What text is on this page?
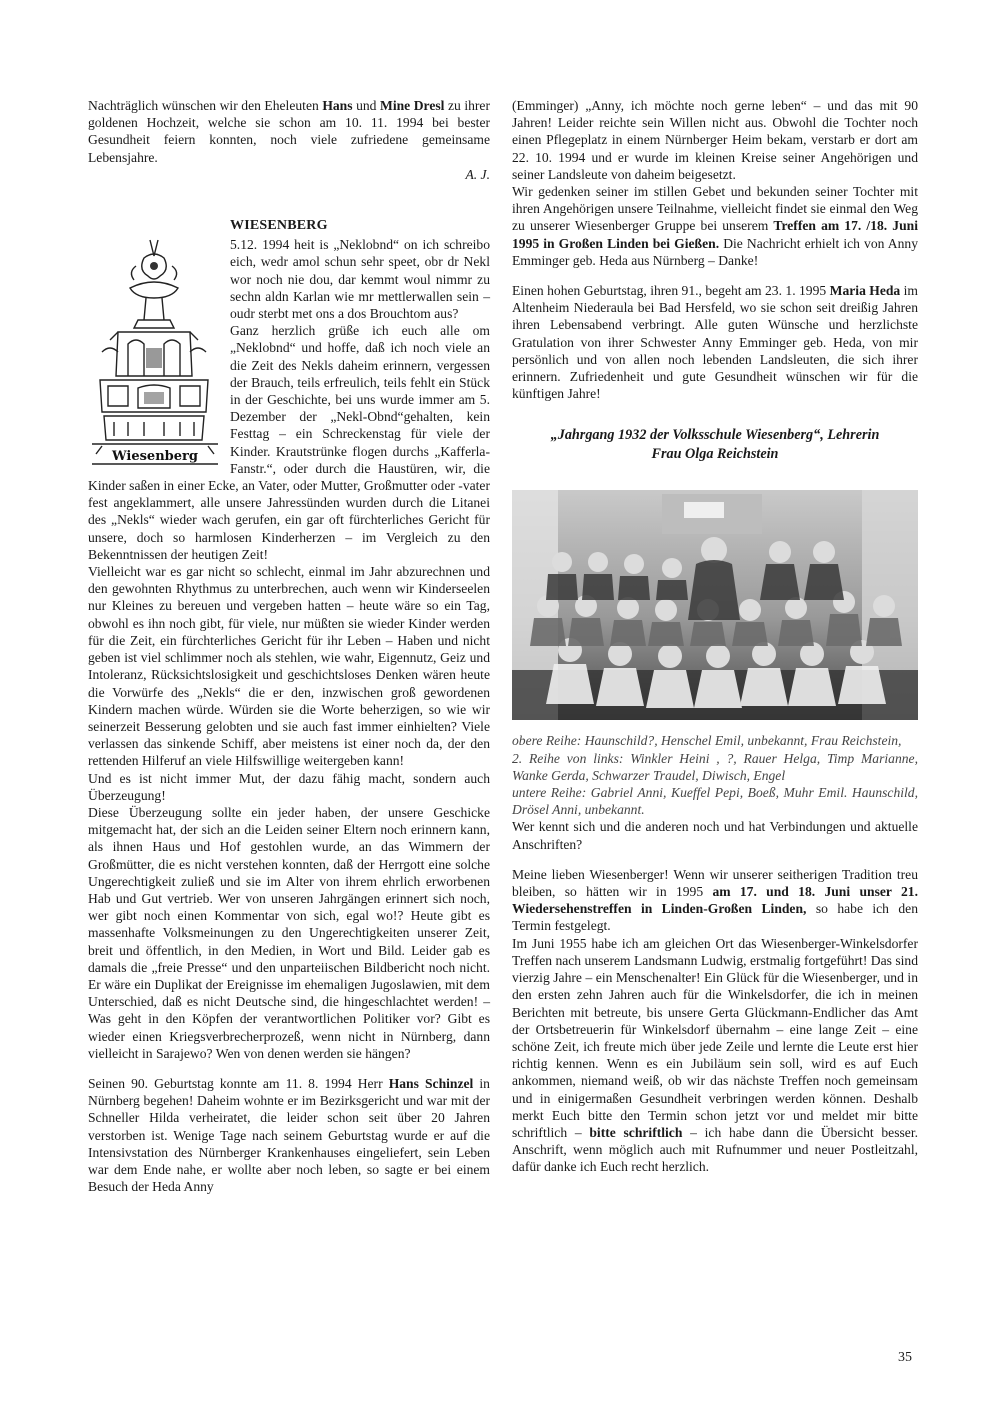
Nachträglich wünschen wir den Eheleuten Hans und Mine Dresl zu ihrer goldenen Hochzeit, welche sie schon am 10. 11. 1994 bei bester Gesundheit feiern konnten, noch viele zufriedene gemeinsame Lebensjahre.

A. J.
WIESENBERG
Wiesenberg

5.12. 1994 heit is „Neklobnd“ on ich schreibo eich, wedr amol schun sehr speet, obr dr Nekl wor noch nie dou, dar kemmt woul nimmr zu sechn aldn Karlan wie mr mettlerwallen sein – oudr sterbt met ons a dos Brouchtom aus?

Ganz herzlich grüße ich euch alle om „Neklobnd“ und hoffe, daß ich noch viele an die Zeit des Nekls daheim erinnern, vergessen der Brauch, teils erfreulich, teils fehlt ein Stück in der Geschichte, bei uns wurde immer am 5. Dezember der „Nekl-Obnd“gehalten, kein Festtag – ein Schreckenstag für viele der Kinder. Krautstrünke flogen durchs „Kafferla-Fanstr.“, oder durch die Haustüren, wir, die Kinder saßen in einer Ecke, an Vater, oder Mutter, Großmutter oder -vater fest angeklammert, alle unsere Jahressünden wurden durch die Litanei des „Nekls“ wieder wach gerufen, ein gar oft fürchterliches Gericht für unsere, doch so harmlosen Kinderherzen – im Vergleich zu den Bekenntnissen der heutigen Zeit!

Vielleicht war es gar nicht so schlecht, einmal im Jahr abzurechnen und den gewohnten Rhythmus zu unterbrechen, auch wenn wir Kinderseelen nur Kleines zu bereuen und vergeben hatten – heute wäre so ein Tag, obwohl es ihn noch gibt, für viele, nur müßten sie wieder Kinder werden für die Zeit, ein fürchterliches Gericht für ihr Leben – Haben und nicht geben ist viel schlimmer noch als stehlen, wie wahr, Eigennutz, Geiz und Intoleranz, Rücksichtslosigkeit und geschichtsloses Denken wären heute die Vorwürfe des „Nekls“ die er den, inzwischen groß gewordenen Kindern machen würde. Würden sie die Worte beherzigen, so wie wir seinerzeit Besserung gelobten und sie auch fast immer einhielten? Viele verlassen das sinkende Schiff, aber meistens ist einer noch da, der den rettenden Hilferuf an viele Hilfswillige weitergeben kann!

Und es ist nicht immer Mut, der dazu fähig macht, sondern auch Überzeugung!

Diese Überzeugung sollte ein jeder haben, der unsere Geschicke mitgemacht hat, der sich an die Leiden seiner Eltern noch erinnern kann, als ihnen Haus und Hof gestohlen wurde, an das Wimmern der Großmütter, die es nicht verstehen konnten, daß der Herrgott eine solche Ungerechtigkeit zuließ und sie im Alter von ihrem ehrlich erworbenen Hab und Gut vertrieb. Wer von unseren Jahrgängen erinnert sich noch, wer gibt noch einen Kommentar von sich, egal wo!? Heute gibt es massenhafte Volksmeinungen zu den Ungerechtigkeiten unserer Zeit, breit und öffentlich, in den Medien, in Wort und Bild. Leider gab es damals die „freie Presse“ und den unparteiischen Bildbericht noch nicht. Er wäre ein Duplikat der Ereignisse im ehemaligen Jugoslawien, mit dem Unterschied, daß es nicht Deutsche sind, die hingeschlachtet werden! – Was geht in den Köpfen der verantwortlichen Politiker vor? Gibt es wieder einen Kriegsverbrecherprozeß, wenn nicht in Nürnberg, dann vielleicht in Sarajewo? Wen von denen werden sie hängen?

Seinen 90. Geburtstag konnte am 11. 8. 1994 Herr Hans Schinzel in Nürnberg begehen! Daheim wohnte er im Bezirksgericht und war mit der Schneller Hilda verheiratet, die leider schon seit über 20 Jahren verstorben ist. Wenige Tage nach seinem Geburtstag wurde er auf die Intensivstation des Nürnberger Krankenhauses eingeliefert, sein Leben war dem Ende nahe, er wollte aber noch leben, so sagte er bei einem Besuch der Heda Anny

(Emminger) „Anny, ich möchte noch gerne leben“ – und das mit 90 Jahren! Leider reichte sein Willen nicht aus. Obwohl die Tochter noch einen Pflegeplatz in einem Nürnberger Heim bekam, verstarb er dort am 22. 10. 1994 und er wurde im kleinen Kreise seiner Angehörigen und seiner Landsleute von daheim beigesetzt.

Wir gedenken seiner im stillen Gebet und bekunden seiner Tochter mit ihren Angehörigen unsere Teilnahme, vielleicht findet sie einmal den Weg zu unserer Wiesenberger Gruppe bei unserem Treffen am 17. /18. Juni 1995 in Großen Linden bei Gießen. Die Nachricht erhielt ich von Anny Emminger geb. Heda aus Nürnberg – Danke!

Einen hohen Geburtstag, ihren 91., begeht am 23. 1. 1995 Maria Heda im Altenheim Niederaula bei Bad Hersfeld, wo sie schon seit dreißig Jahren ihren Lebensabend verbringt. Alle guten Wünsche und herzlichste Gratulation von ihrer Schwester Anny Emminger geb. Heda, von mir persönlich und von allen noch lebenden Landsleuten, die sich ihrer erinnern. Zufriedenheit und gute Gesundheit wünschen wir für die künftigen Jahre!

„Jahrgang 1932 der Volksschule Wiesenberg“, Lehrerin
Frau Olga Reichstein

obere Reihe: Haunschild?, Henschel Emil, unbekannt, Frau Reichstein,

2. Reihe von links: Winkler Heini , ?, Rauer Helga, Timp Marianne, Wanke Gerda, Schwarzer Traudel, Diwisch, Engel

untere Reihe: Gabriel Anni, Kueffel Pepi, Boeß, Muhr Emil. Haunschild, Drösel Anni, unbekannt.

Wer kennt sich und die anderen noch und hat Verbindungen und aktuelle Anschriften?

Meine lieben Wiesenberger! Wenn wir unserer seitherigen Tradition treu bleiben, so hätten wir in 1995 am 17. und 18. Juni unser 21. Wiedersehenstreffen in Linden-Großen Linden, so habe ich den Termin festgelegt.

Im Juni 1955 habe ich am gleichen Ort das Wiesenberger-Winkelsdorfer Treffen nach unserem Landsmann Ludwig, erstmalig fortgeführt! Das sind vierzig Jahre – ein Menschenalter! Ein Glück für die Wiesenberger, und in den ersten zehn Jahren auch für die Winkelsdorfer, die ich in meinen Berichten mit betreute, bis unsere Gerta Glückmann-Endlicher das Amt der Ortsbetreuerin für Winkelsdorf übernahm – eine lange Zeit – eine schöne Zeit, ich freute mich über jede Zeile und lernte die Leute erst hier richtig kennen. Wenn es ein Jubiläum sein soll, wird es auf Euch ankommen, niemand weiß, ob wir das nächste Treffen noch gemeinsam und in einigermaßen Gesundheit verbringen werden können. Deshalb merkt Euch bitte den Termin schon jetzt vor und meldet mir bitte schriftlich – bitte schriftlich – ich habe dann die Übersicht besser. Anschrift, wenn möglich auch mit Rufnummer und neuer Postleitzahl, dafür danke ich Euch recht herzlich.

35
